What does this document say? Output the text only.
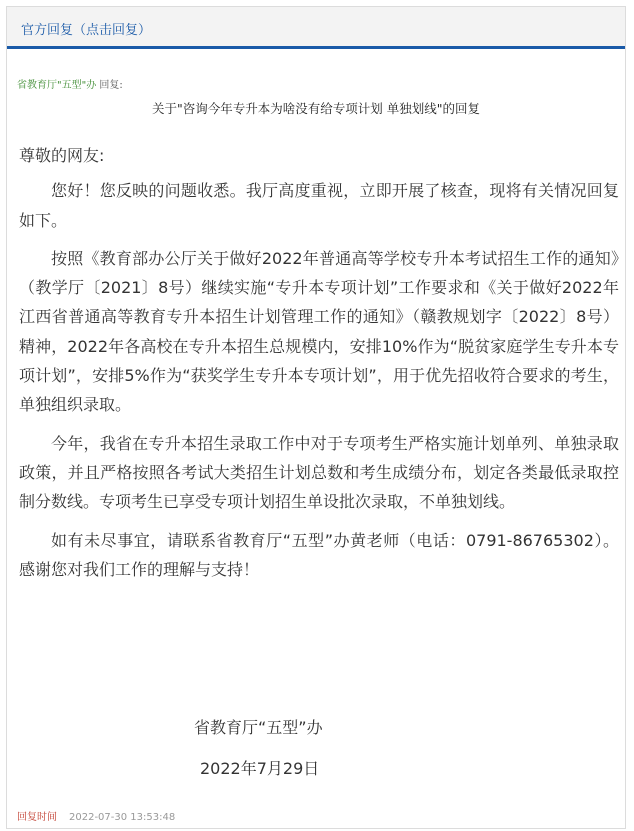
官方回复（点击回复）
省教育厅"五型"办 回复:
关于"咨询今年专升本为啥没有给专项计划 单独划线"的回复

尊敬的网友:

您好！您反映的问题收悉。我厅高度重视，立即开展了核查，现将有关情况回复如下。

按照《教育部办公厅关于做好2022年普通高等学校专升本考试招生工作的通知》（教学厅〔2021〕8号）继续实施“专升本专项计划”工作要求和《关于做好2022年江西省普通高等教育专升本招生计划管理工作的通知》（赣教规划字〔2022〕8号）精神，2022年各高校在专升本招生总规模内，安排10%作为“脱贫家庭学生专升本专项计划”，安排5%作为“获奖学生专升本专项计划”，用于优先招收符合要求的考生，单独组织录取。

今年，我省在专升本招生录取工作中对于专项考生严格实施计划单列、单独录取政策，并且严格按照各考试大类招生计划总数和考生成绩分布，划定各类最低录取控制分数线。专项考生已享受专项计划招生单设批次录取，不单独划线。

如有未尽事宜，请联系省教育厅“五型”办黄老师（电话：0791-86765302）。感谢您对我们工作的理解与支持！

省教育厅“五型”办
2022年7月29日
回复时间 2022-07-30 13:53:48
